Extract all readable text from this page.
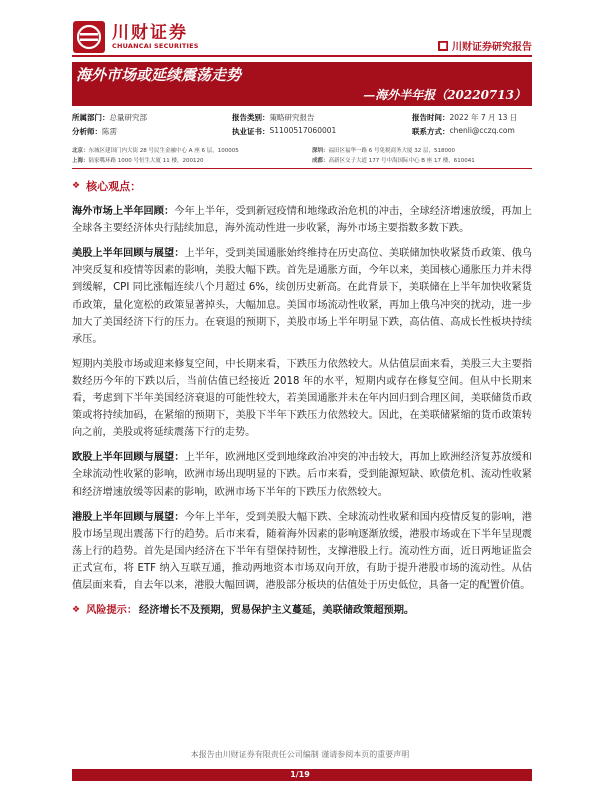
川财证券
CHUANCAI SECURITIES	■ 川财证券研究报告
海外市场或延续震荡走势
—海外半年报（20220713）
所属部门： 总量研究部	报告类别： 策略研究报告	报告时间： 2022 年 7 月 13 日
分析师： 陈雳	执业证书： S1100517060001	联系方式： chenli@cczq.com
北京：东城区建国门内大街 28 号民生金融中心 A 座 6 层，100005	深圳：福田区福华一路 6 号免税商务大厦 32 层，518000
上海：陆家嘴环路 1000 号恒生大厦 11 楼，200120	成都：高新区交子大道 177 号中海国际中心 B 座 17 楼，610041
❖ 核心观点：

海外市场上半年回顾：今年上半年，受到新冠疫情和地缘政治危机的冲击，全球经济增速放缓，再加上全球各主要经济体央行陆续加息，海外流动性进一步收紧，海外市场主要指数多数下跌。

美股上半年回顾与展望：上半年，受到美国通胀始终维持在历史高位、美联储加快收紧货币政策、俄乌冲突反复和疫情等因素的影响，美股大幅下跌。首先是通胀方面，今年以来，美国核心通胀压力并未得到缓解，CPI 同比涨幅连续八个月超过 6%，续创历史新高。在此背景下，美联储在上半年加快收紧货币政策，量化宽松的政策显著掉头，大幅加息。美国市场流动性收紧，再加上俄乌冲突的扰动，进一步加大了美国经济下行的压力。在衰退的预期下，美股市场上半年明显下跌，高估值、高成长性板块持续承压。

短期内美股市场或迎来修复空间，中长期来看，下跌压力依然较大。从估值层面来看，美股三大主要指数经历今年的下跌以后，当前估值已经接近 2018 年的水平，短期内或存在修复空间。但从中长期来看，考虑到下半年美国经济衰退的可能性较大，若美国通胀并未在年内回归到合理区间，美联储货币政策或将持续加码，在紧缩的预期下，美股下半年下跌压力依然较大。因此，在美联储紧缩的货币政策转向之前，美股或将延续震荡下行的走势。

欧股上半年回顾与展望：上半年，欧洲地区受到地缘政治冲突的冲击较大，再加上欧洲经济复苏放缓和全球流动性收紧的影响，欧洲市场出现明显的下跌。后市来看，受到能源短缺、欧债危机、流动性收紧和经济增速放缓等因素的影响，欧洲市场下半年的下跌压力依然较大。

港股上半年回顾与展望：今年上半年，受到美股大幅下跌、全球流动性收紧和国内疫情反复的影响，港股市场呈现出震荡下行的趋势。后市来看，随着海外因素的影响逐渐放缓，港股市场或在下半年呈现震荡上行的趋势。首先是国内经济在下半年有望保持韧性，支撑港股上行。流动性方面，近日两地证监会正式宣布，将 ETF 纳入互联互通，推动两地资本市场双向开放，有助于提升港股市场的流动性。从估值层面来看，自去年以来，港股大幅回调，港股部分板块的估值处于历史低位，具备一定的配置价值。

❖ 风险提示： 经济增长不及预期，贸易保护主义蔓延，美联储政策超预期。
本报告由川财证券有限责任公司编制 谨请参阅本页的重要声明
1/19
